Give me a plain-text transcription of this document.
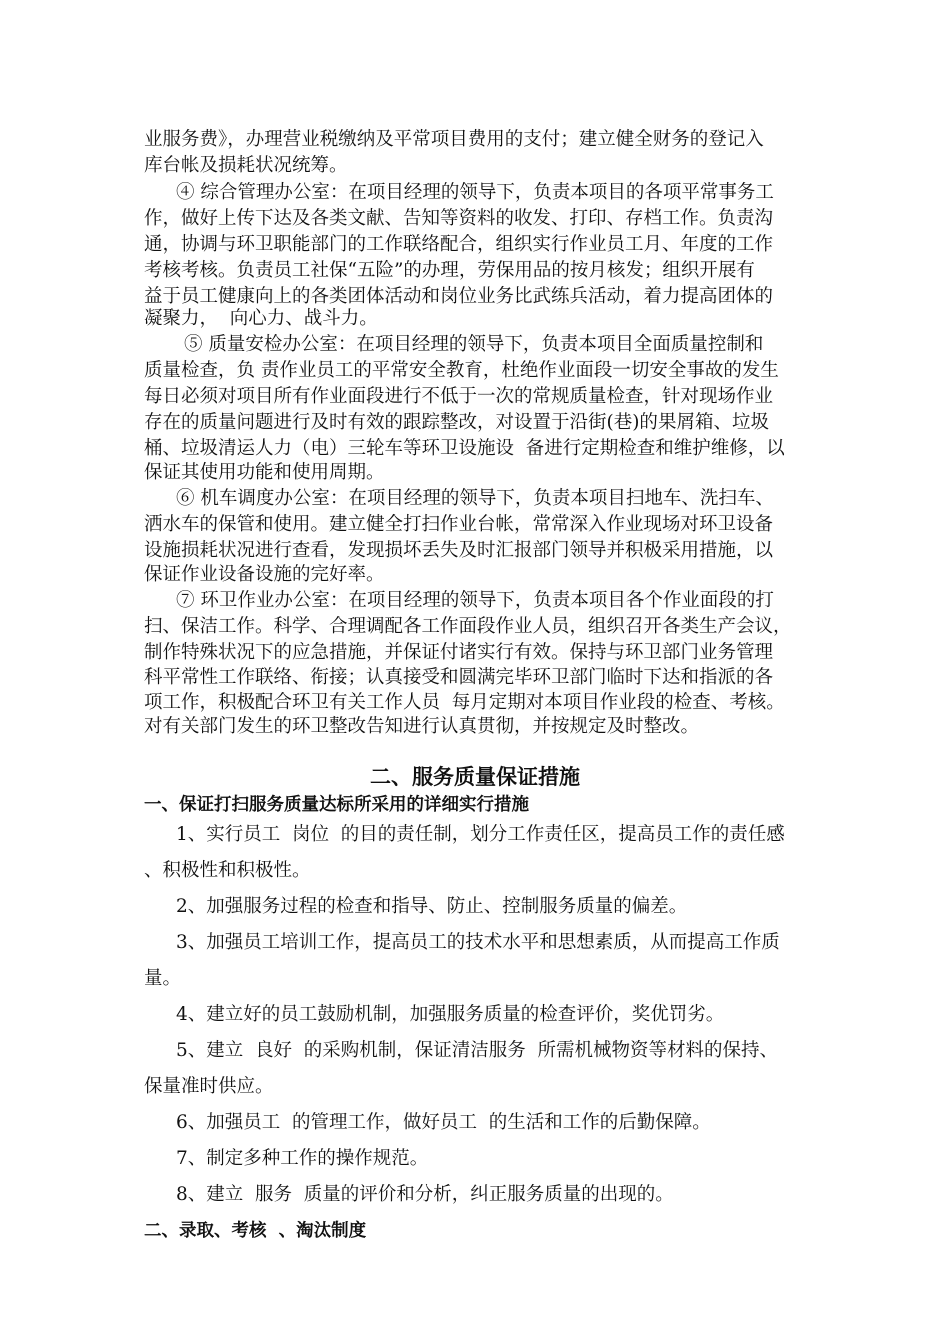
业服务费》，办理营业税缴纳及平常项目费用的支付；建立健全财务的登记入
库台帐及损耗状况统筹。
④ 综合管理办公室：在项目经理的领导下，负责本项目的各项平常事务工
作，做好上传下达及各类文献、告知等资料的收发、打印、存档工作。负责沟
通，协调与环卫职能部门的工作联络配合，组织实行作业员工月、年度的工作
考核考核。负责员工社保“五险”的办理，劳保用品的按月核发；组织开展有
益于员工健康向上的各类团体活动和岗位业务比武练兵活动，着力提高团体的
凝聚力，  向心力、战斗力。
⑤ 质量安检办公室：在项目经理的领导下，负责本项目全面质量控制和
质量检查，负 责作业员工的平常安全教育，杜绝作业面段一切安全事故的发生
每日必须对项目所有作业面段进行不低于一次的常规质量检查，针对现场作业
存在的质量问题进行及时有效的跟踪整改，对设置于沿街(巷)的果屑箱、垃圾
桶、垃圾清运人力（电）三轮车等环卫设施设  备进行定期检查和维护维修，以
保证其使用功能和使用周期。
⑥ 机车调度办公室：在项目经理的领导下，负责本项目扫地车、洗扫车、
洒水车的保管和使用。建立健全打扫作业台帐，常常深入作业现场对环卫设备
设施损耗状况进行查看，发现损坏丢失及时汇报部门领导并积极采用措施，以
保证作业设备设施的完好率。
⑦ 环卫作业办公室：在项目经理的领导下，负责本项目各个作业面段的打
扫、保洁工作。科学、合理调配各工作面段作业人员，组织召开各类生产会议，
制作特殊状况下的应急措施，并保证付诸实行有效。保持与环卫部门业务管理
科平常性工作联络、衔接；认真接受和圆满完毕环卫部门临时下达和指派的各
项工作，积极配合环卫有关工作人员  每月定期对本项目作业段的检查、考核。
对有关部门发生的环卫整改告知进行认真贯彻，并按规定及时整改。
二、服务质量保证措施
一、保证打扫服务质量达标所采用的详细实行措施
1、实行员工  岗位  的目的责任制，划分工作责任区，提高员工作的责任感
、积极性和积极性。
2、加强服务过程的检查和指导、防止、控制服务质量的偏差。
3、加强员工培训工作，提高员工的技术水平和思想素质，从而提高工作质
量。
4、建立好的员工鼓励机制，加强服务质量的检查评价，奖优罚劣。
5、建立  良好  的采购机制，保证清洁服务  所需机械物资等材料的保持、
保量准时供应。
6、加强员工  的管理工作，做好员工  的生活和工作的后勤保障。
7、制定多种工作的操作规范。
8、建立  服务  质量的评价和分析，纠正服务质量的出现的。
二、录取、考核  、淘汰制度
